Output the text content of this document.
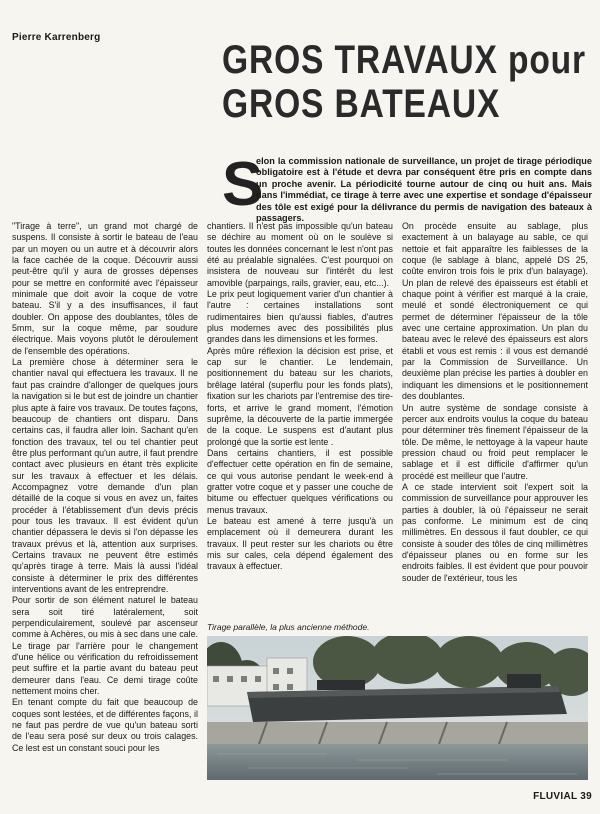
Pierre Karrenberg
GROS TRAVAUX pour
GROS BATEAUX
S

elon la commission nationale de surveillance, un projet de tirage périodique obligatoire est à l'étude et devra par conséquent être pris en compte dans un proche avenir. La périodicité tourne autour de cinq ou huit ans. Mais dans l'immédiat, ce tirage à terre avec une expertise et sondage d'épaisseur des tôle est exigé pour la délivrance du permis de navigation des bateaux à passagers.

"Tirage à terre", un grand mot chargé de suspens. Il consiste à sortir le bateau de l'eau par un moyen ou un autre et à découvrir alors la face cachée de la coque. Découvrir aussi peut-être qu'il y aura de grosses dépenses pour se mettre en conformité avec l'épaisseur minimale que doit avoir la coque de votre bateau. S'il y a des insuffisances, il faut doubler. On appose des doublantes, tôles de 5mm, sur la coque même, par soudure électrique. Mais voyons plutôt le déroulement de l'ensemble des opérations.

La première chose à déterminer sera le chantier naval qui effectuera les travaux. Il ne faut pas craindre d'allonger de quelques jours la navigation si le but est de joindre un chantier plus apte à faire vos travaux. De toutes façons, beaucoup de chantiers ont disparu. Dans certains cas, il faudra aller loin. Sachant qu'en fonction des travaux, tel ou tel chantier peut être plus performant qu'un autre, il faut prendre contact avec plusieurs en étant très explicite sur les travaux à effectuer et les délais. Accompagnez votre demande d'un plan détaillé de la coque si vous en avez un, faites procéder à l'établissement d'un devis précis pour tous les travaux. Il est évident qu'un chantier dépassera le devis si l'on dépasse les travaux prévus et là, attention aux surprises. Certains travaux ne peuvent être estimés qu'après tirage à terre. Mais là aussi l'idéal consiste à déterminer le prix des différentes interventions avant de les entreprendre.

Pour sortir de son élément naturel le bateau sera soit tiré latéralement, soit perpendiculairement, soulevé par ascenseur comme à Achères, ou mis à sec dans une cale.

Le tirage par l'arrière pour le changement d'une hélice ou vérification du refroidissement peut suffire et la partie avant du bateau peut demeurer dans l'eau. Ce demi tirage coûte nettement moins cher.

En tenant compte du fait que beaucoup de coques sont lestées, et de différentes façons, il ne faut pas perdre de vue qu'un bateau sorti de l'eau sera posé sur deux ou trois calages. Ce lest est un constant souci pour les

chantiers. Il n'est pas impossible qu'un bateau se déchire au moment où on le soulève si toutes les données concernant le lest n'ont pas été au préalable signalées. C'est pourquoi on insistera de nouveau sur l'intérêt du lest amovible (parpaings, rails, gravier, eau, etc...).

Le prix peut logiquement varier d'un chantier à l'autre : certaines installations sont rudimentaires bien qu'aussi fiables, d'autres plus modernes avec des possibilités plus grandes dans les dimensions et les formes.

Après mûre réflexion la décision est prise, et cap sur le chantier. Le lendemain, positionnement du bateau sur les chariots, brêlage latéral (superflu pour les fonds plats), fixation sur les chariots par l'entremise des tire-forts, et arrive le grand moment, l'émotion suprême, la découverte de la partie immergée de la coque. Le suspens est d'autant plus prolongé que la sortie est lente .

Dans certains chantiers, il est possible d'effectuer cette opération en fin de semaine, ce qui vous autorise pendant le week-end à gratter votre coque et y passer une couche de bitume ou effectuer quelques vérifications ou menus travaux.

Le bateau est amené à terre jusqu'à un emplacement où il demeurera durant les travaux. Il peut rester sur les chariots ou être mis sur cales, cela dépend également des travaux à effectuer.

On procède ensuite au sablage, plus exactement à un balayage au sable, ce qui nettoie et fait apparaître les faiblesses de la coque (le sablage à blanc, appelé DS 25, coûte environ trois fois le prix d'un balayage). Un plan de relevé des épaisseurs est établi et chaque point à vérifier est marqué à la craie, meulé et sondé électroniquement ce qui permet de déterminer l'épaisseur de la tôle avec une certaine approximation. Un plan du bateau avec le relevé des épaisseurs est alors établi et vous est remis : il vous est demandé par la Commission de Surveillance. Un deuxième plan précise les parties à doubler en indiquant les dimensions et le positionnement des doublantes.

Un autre système de sondage consiste à percer aux endroits voulus la coque du bateau pour déterminer très finement l'épaisseur de la tôle. De même, le nettoyage à la vapeur haute pression chaud ou froid peut remplacer le sablage et il est difficile d'affirmer qu'un procédé est meilleur que l'autre.

A ce stade intervient soit l'expert soit la commission de surveillance pour approuver les parties à doubler, là où l'épaisseur ne serait pas conforme. Le minimum est de cinq millimètres. En dessous il faut doubler, ce qui consiste à souder des tôles de cinq millimètres d'épaisseur planes ou en forme sur les endroits faibles. Il est évident que pour pouvoir souder de l'extérieur, tous les

Tirage parallèle, la plus ancienne méthode.
FLUVIAL 39
